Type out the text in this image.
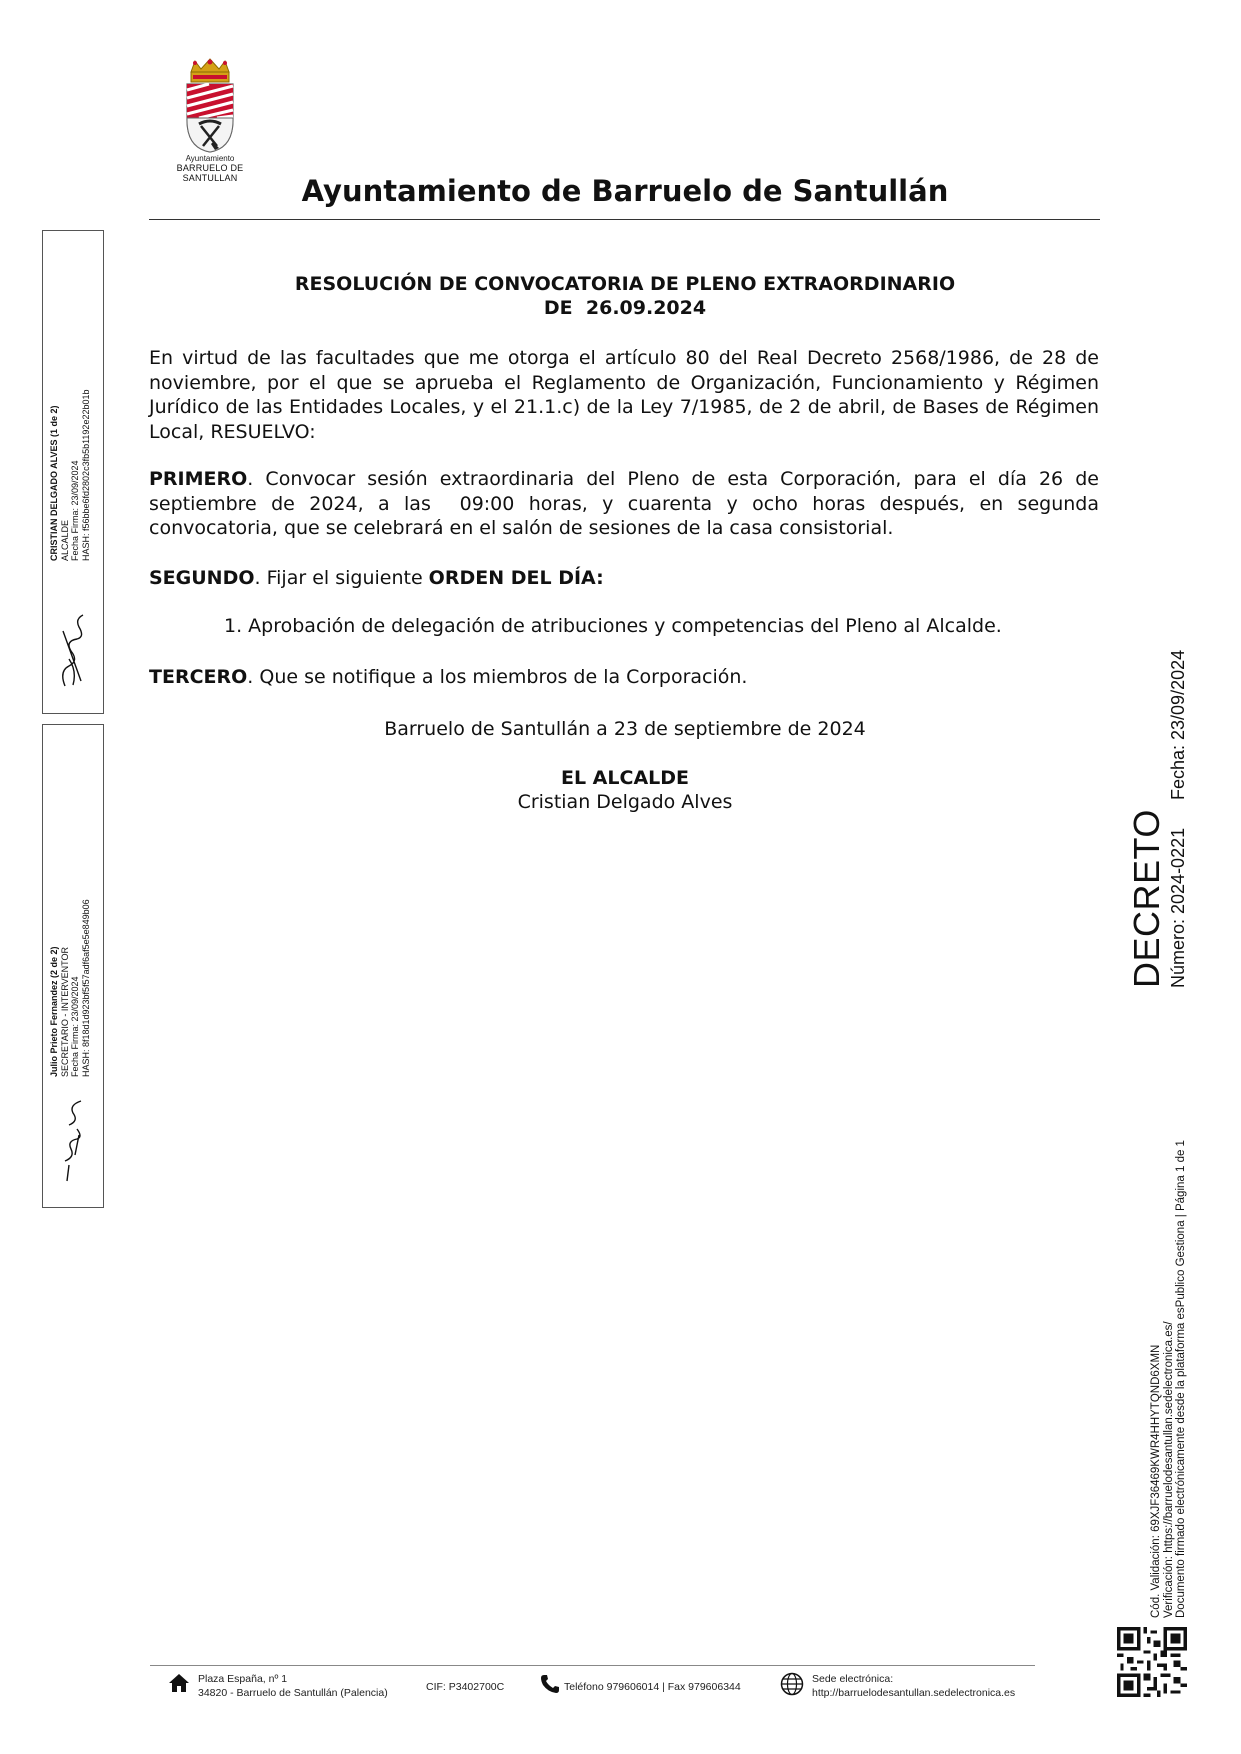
Ayuntamiento
BARRUELO DE SANTULLAN	Ayuntamiento de Barruelo de Santullán
RESOLUCIÓN DE CONVOCATORIA DE PLENO EXTRAORDINARIO
DE  26.09.2024
En virtud de las facultades que me otorga el artículo 80 del Real Decreto 2568/1986, de 28 de noviembre, por el que se aprueba el Reglamento de Organización, Funcionamiento y Régimen Jurídico de las Entidades Locales, y el 21.1.c) de la Ley 7/1985, de 2 de abril, de Bases de Régimen Local, RESUELVO:
PRIMERO. Convocar sesión extraordinaria del Pleno de esta Corporación, para el día 26 de septiembre de 2024, a las  09:00 horas, y cuarenta y ocho horas después, en segunda convocatoria, que se celebrará en el salón de sesiones de la casa consistorial.
SEGUNDO. Fijar el siguiente ORDEN DEL DÍA:
1. Aprobación de delegación de atribuciones y competencias del Pleno al Alcalde.
TERCERO. Que se notifique a los miembros de la Corporación.
Barruelo de Santullán a 23 de septiembre de 2024
EL ALCALDE
Cristian Delgado Alves
CRISTIAN DELGADO ALVES (1 de 2) ALCALDE Fecha Firma: 23/09/2024 HASH: f56bbe6fd2802c3fb5b1192e22b01b
Julio Prieto Fernandez (2 de 2) SECRETARIO - INTERVENTOR Fecha Firma: 23/09/2024 HASH: 8f18d1d923bf5f57adf6af5e5e849b06
DECRETO Número: 2024-0221
Fecha: 23/09/2024
Cód. Validación: 69XJF36469KWR4HHYTQND6XMN Verificación: https://barruelodesantullan.sedelectronica.es/ Documento firmado electrónicamente desde la plataforma esPublico Gestiona | Página 1 de 1
Plaza España, nº 1
34820 - Barruelo de Santullán (Palencia)	CIF: P3402700C	Teléfono 979606014 | Fax 979606344
Sede electrónica:
http://barruelodesantullan.sedelectronica.es
